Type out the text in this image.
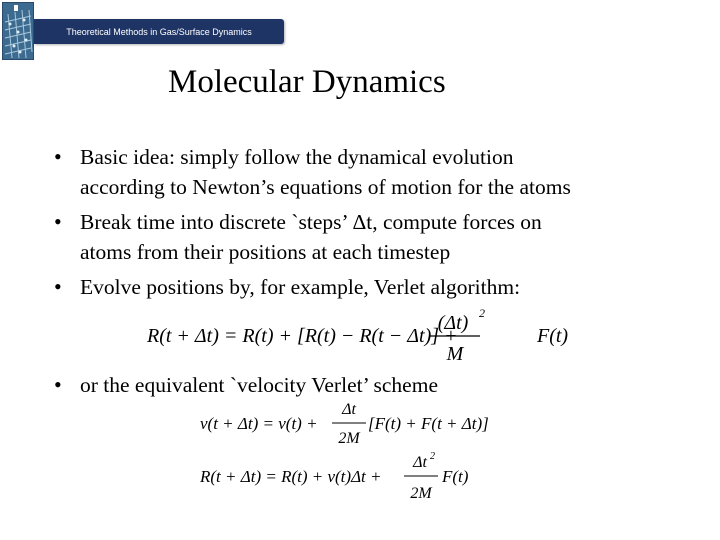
Theoretical Methods in Gas/Surface Dynamics
Molecular Dynamics
• Basic idea: simply follow the dynamical evolution
according to Newton’s equations of motion for the atoms
• Break time into discrete `steps’ Δt, compute forces on
atoms from their positions at each timestep
• Evolve positions by, for example, Verlet algorithm:
R(t + Δt) = R(t) + [R(t) − R(t − Δt)] +
(Δt) 2
M
F(t)
• or the equivalent `velocity Verlet’ scheme
v(t + Δt) = v(t) +
Δt
2M
[F(t) + F(t + Δt)]
R(t + Δt) = R(t) + v(t)Δt +
Δt 2
2M
F(t)
